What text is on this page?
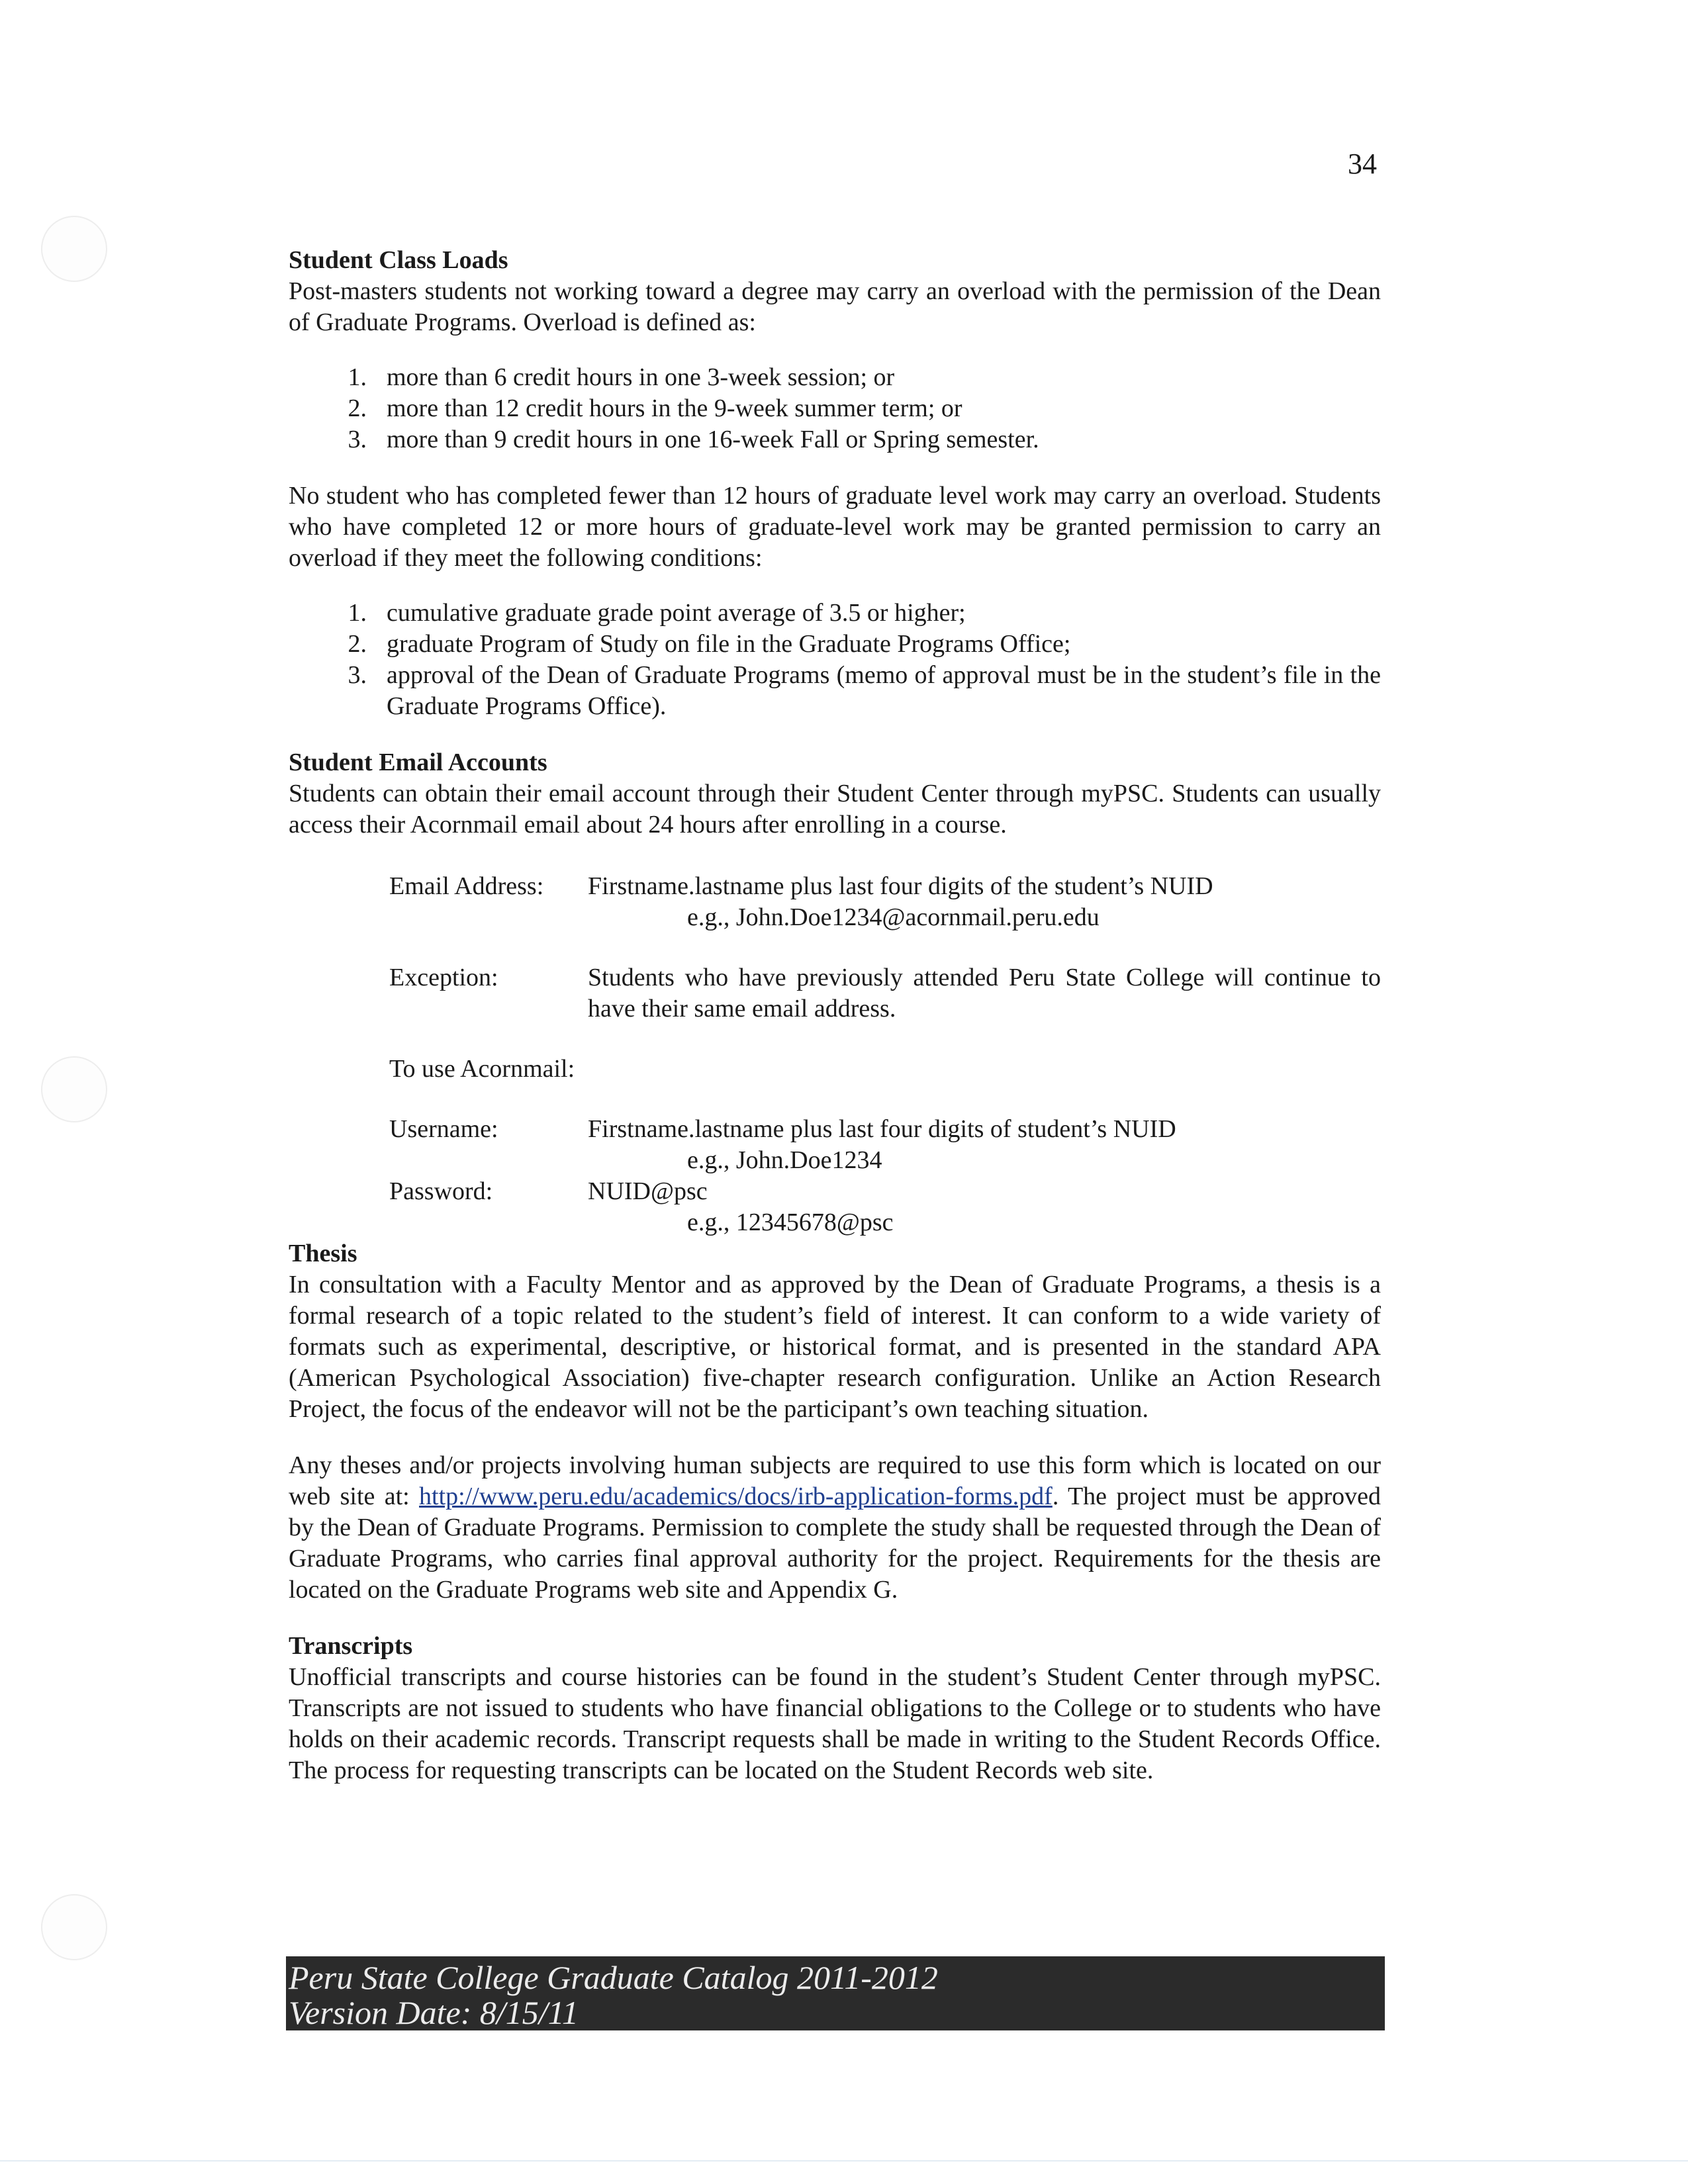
34
Student Class Loads

Post-masters students not working toward a degree may carry an overload with the permission of the Dean of Graduate Programs. Overload is defined as:

1. more than 6 credit hours in one 3-week session; or
2. more than 12 credit hours in the 9-week summer term; or
3. more than 9 credit hours in one 16-week Fall or Spring semester.

No student who has completed fewer than 12 hours of graduate level work may carry an overload. Students who have completed 12 or more hours of graduate-level work may be granted permission to carry an overload if they meet the following conditions:

1. cumulative graduate grade point average of 3.5 or higher;
2. graduate Program of Study on file in the Graduate Programs Office;
3. approval of the Dean of Graduate Programs (memo of approval must be in the student’s file in the Graduate Programs Office).
Student Email Accounts

Students can obtain their email account through their Student Center through myPSC. Students can usually access their Acornmail email about 24 hours after enrolling in a course.

Email Address:	Firstname.lastname plus last four digits of the student’s NUID
e.g., John.Doe1234@acornmail.peru.edu
Exception:	Students who have previously attended Peru State College will continue to have their same email address.
To use Acornmail:
Username:	Firstname.lastname plus last four digits of student’s NUID
e.g., John.Doe1234
Password:	NUID@psc
e.g., 12345678@psc
Thesis

In consultation with a Faculty Mentor and as approved by the Dean of Graduate Programs, a thesis is a formal research of a topic related to the student’s field of interest. It can conform to a wide variety of formats such as experimental, descriptive, or historical format, and is presented in the standard APA (American Psychological Association) five-chapter research configuration. Unlike an Action Research Project, the focus of the endeavor will not be the participant’s own teaching situation.

Any theses and/or projects involving human subjects are required to use this form which is located on our web site at: http://www.peru.edu/academics/docs/irb-application-forms.pdf. The project must be approved by the Dean of Graduate Programs. Permission to complete the study shall be requested through the Dean of Graduate Programs, who carries final approval authority for the project. Requirements for the thesis are located on the Graduate Programs web site and Appendix G.

Transcripts

Unofficial transcripts and course histories can be found in the student’s Student Center through myPSC. Transcripts are not issued to students who have financial obligations to the College or to students who have holds on their academic records. Transcript requests shall be made in writing to the Student Records Office. The process for requesting transcripts can be located on the Student Records web site.

Peru State College Graduate Catalog 2011-2012
Version Date: 8/15/11
